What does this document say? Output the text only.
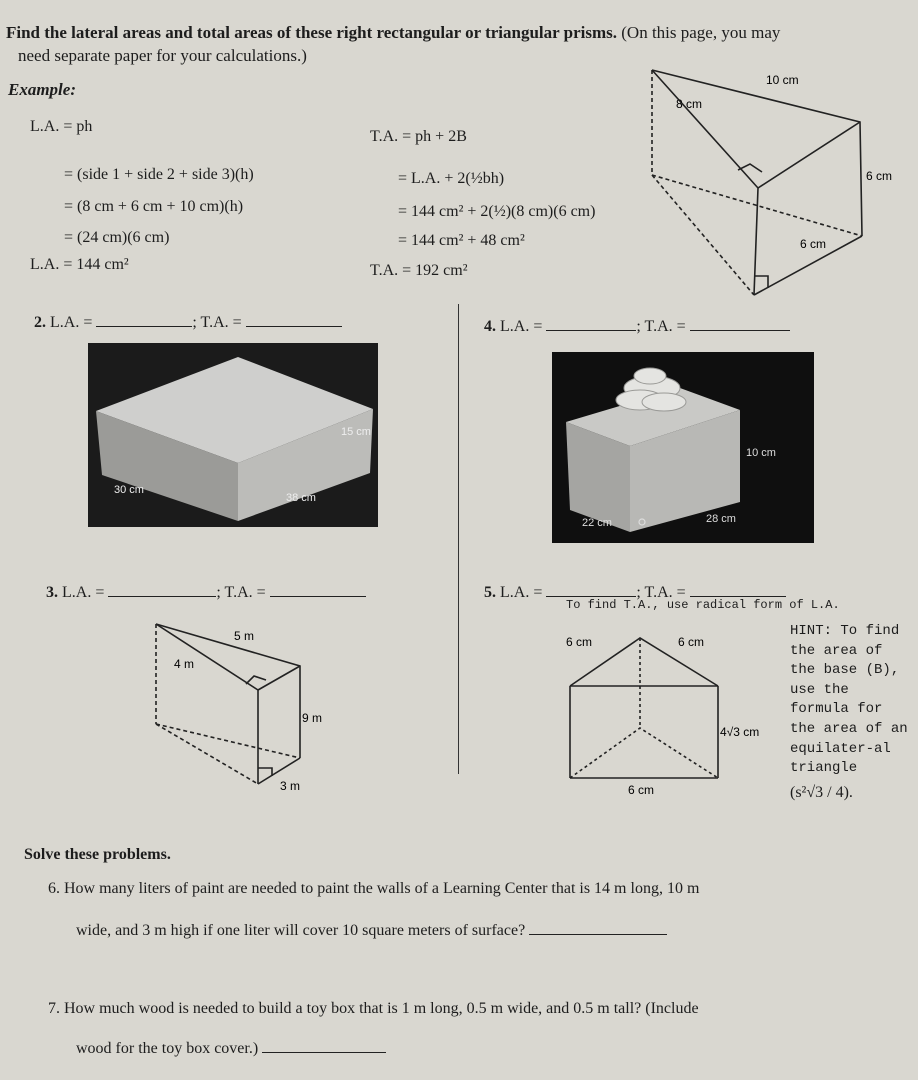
Find the lateral areas and total areas of these right rectangular or triangular prisms. (On this page, you may
need separate paper for your calculations.)
Example:
L.A. = ph
= (side 1 + side 2 + side 3)(h)
= (8 cm + 6 cm + 10 cm)(h)
= (24 cm)(6 cm)
L.A. = 144 cm²
T.A. = ph + 2B
= L.A. + 2(½bh)
= 144 cm² + 2(½)(8 cm)(6 cm)
= 144 cm² + 48 cm²
T.A. = 192 cm²
10 cm
8 cm
6 cm
6 cm
2. L.A. =	; T.A. =
15 cm
30 cm
38 cm
4. L.A. =	; T.A. =
10 cm
22 cm	28 cm
3. L.A. =	; T.A. =
5 m
4 m
9 m
3 m
5. L.A. =	; T.A. =
To find T.A., use radical form of L.A.
6 cm	6 cm
4√3 cm
6 cm
HINT: To find the area of the base (B), use the formula for the area of an equilater-al triangle
(s²√3 / 4).
Solve these problems.
6. How many liters of paint are needed to paint the walls of a Learning Center that is 14 m long, 10 m
wide, and 3 m high if one liter will cover 10 square meters of surface?
7. How much wood is needed to build a toy box that is 1 m long, 0.5 m wide, and 0.5 m tall? (Include
wood for the toy box cover.)
